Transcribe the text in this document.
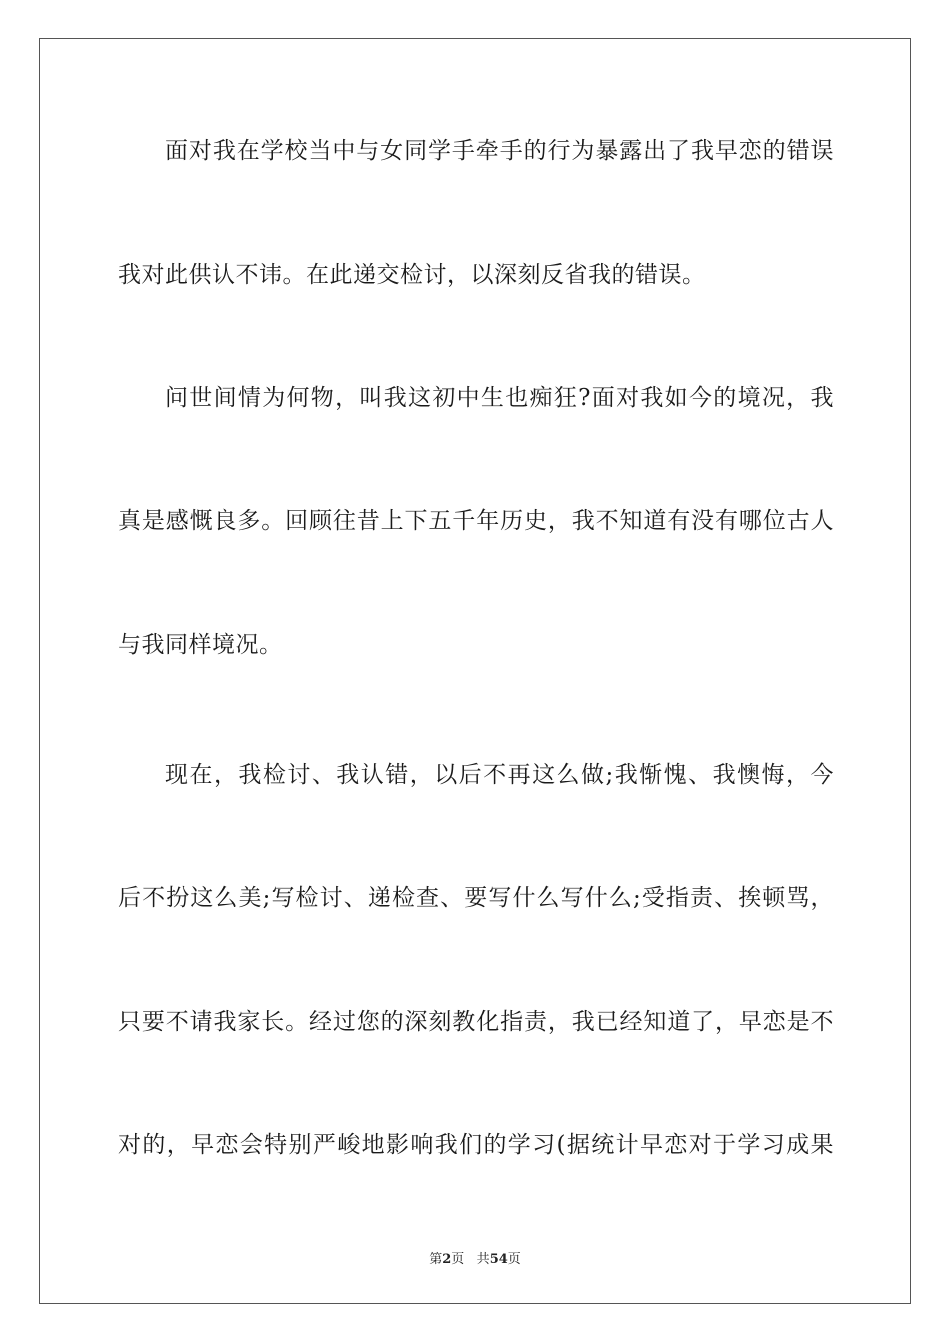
面对我在学校当中与女同学手牵手的行为暴露出了我早恋的错误

我对此供认不讳。在此递交检讨，以深刻反省我的错误。

问世间情为何物，叫我这初中生也痴狂?面对我如今的境况，我

真是感慨良多。回顾往昔上下五千年历史，我不知道有没有哪位古人

与我同样境况。

现在，我检讨、我认错，以后不再这么做;我惭愧、我懊悔，今

后不扮这么美;写检讨、递检查、要写什么写什么;受指责、挨顿骂，

只要不请我家长。经过您的深刻教化指责，我已经知道了，早恋是不

对的，早恋会特别严峻地影响我们的学习(据统计早恋对于学习成果

第2页 共54页
